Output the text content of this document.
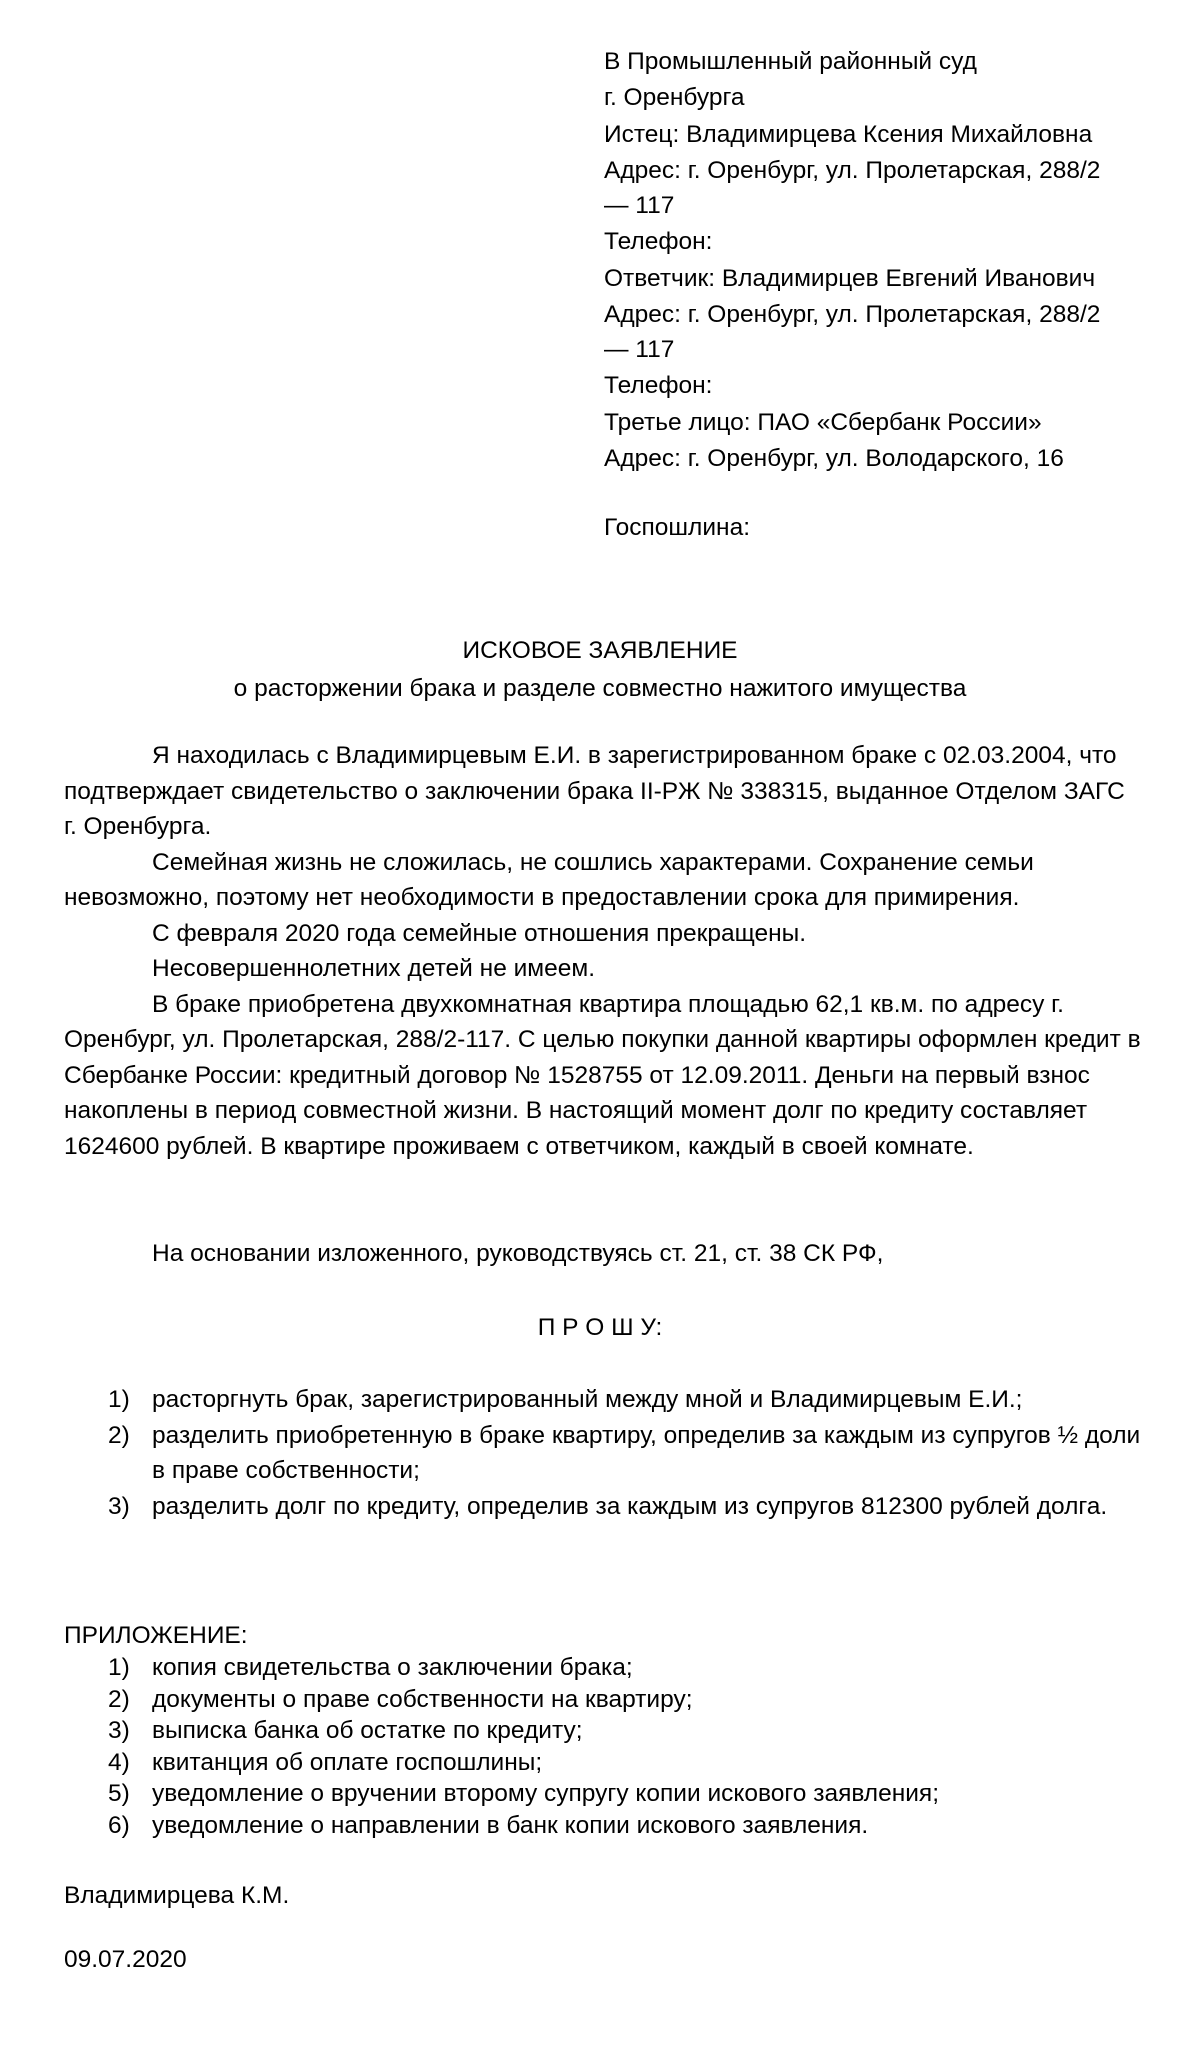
В Промышленный районный суд
г. Оренбурга
Истец: Владимирцева Ксения Михайловна
Адрес: г. Оренбург, ул. Пролетарская, 288/2
— 117
Телефон:
Ответчик: Владимирцев Евгений Иванович
Адрес: г. Оренбург, ул. Пролетарская, 288/2
— 117
Телефон:
Третье лицо: ПАО «Сбербанк России»
Адрес: г. Оренбург, ул. Володарского, 16
Госпошлина:
ИСКОВОЕ ЗАЯВЛЕНИЕ
о расторжении брака и разделе совместно нажитого имущества

Я находилась с Владимирцевым Е.И. в зарегистрированном браке с 02.03.2004, что подтверждает свидетельство о заключении брака II-РЖ № 338315, выданное Отделом ЗАГС г. Оренбурга.

Семейная жизнь не сложилась, не сошлись характерами. Сохранение семьи невозможно, поэтому нет необходимости в предоставлении срока для примирения.

С февраля 2020 года семейные отношения прекращены.

Несовершеннолетних детей не имеем.

В браке приобретена двухкомнатная квартира площадью 62,1 кв.м. по адресу г. Оренбург, ул. Пролетарская, 288/2-117. С целью покупки данной квартиры оформлен кредит в Сбербанке России: кредитный договор № 1528755 от 12.09.2011. Деньги на первый взнос накоплены в период совместной жизни. В настоящий момент долг по кредиту составляет 1624600 рублей. В квартире проживаем с ответчиком, каждый в своей комнате.

На основании изложенного, руководствуясь ст. 21, ст. 38 СК РФ,
П Р О Ш У:
1) расторгнуть брак, зарегистрированный между мной и Владимирцевым Е.И.;
2) разделить приобретенную в браке квартиру, определив за каждым из супругов ½ доли в праве собственности;
3) разделить долг по кредиту, определив за каждым из супругов 812300 рублей долга.
ПРИЛОЖЕНИЕ:
1) копия свидетельства о заключении брака;
2) документы о праве собственности на квартиру;
3) выписка банка об остатке по кредиту;
4) квитанция об оплате госпошлины;
5) уведомление о вручении второму супругу копии искового заявления;
6) уведомление о направлении в банк копии искового заявления.
Владимирцева К.М.
09.07.2020
